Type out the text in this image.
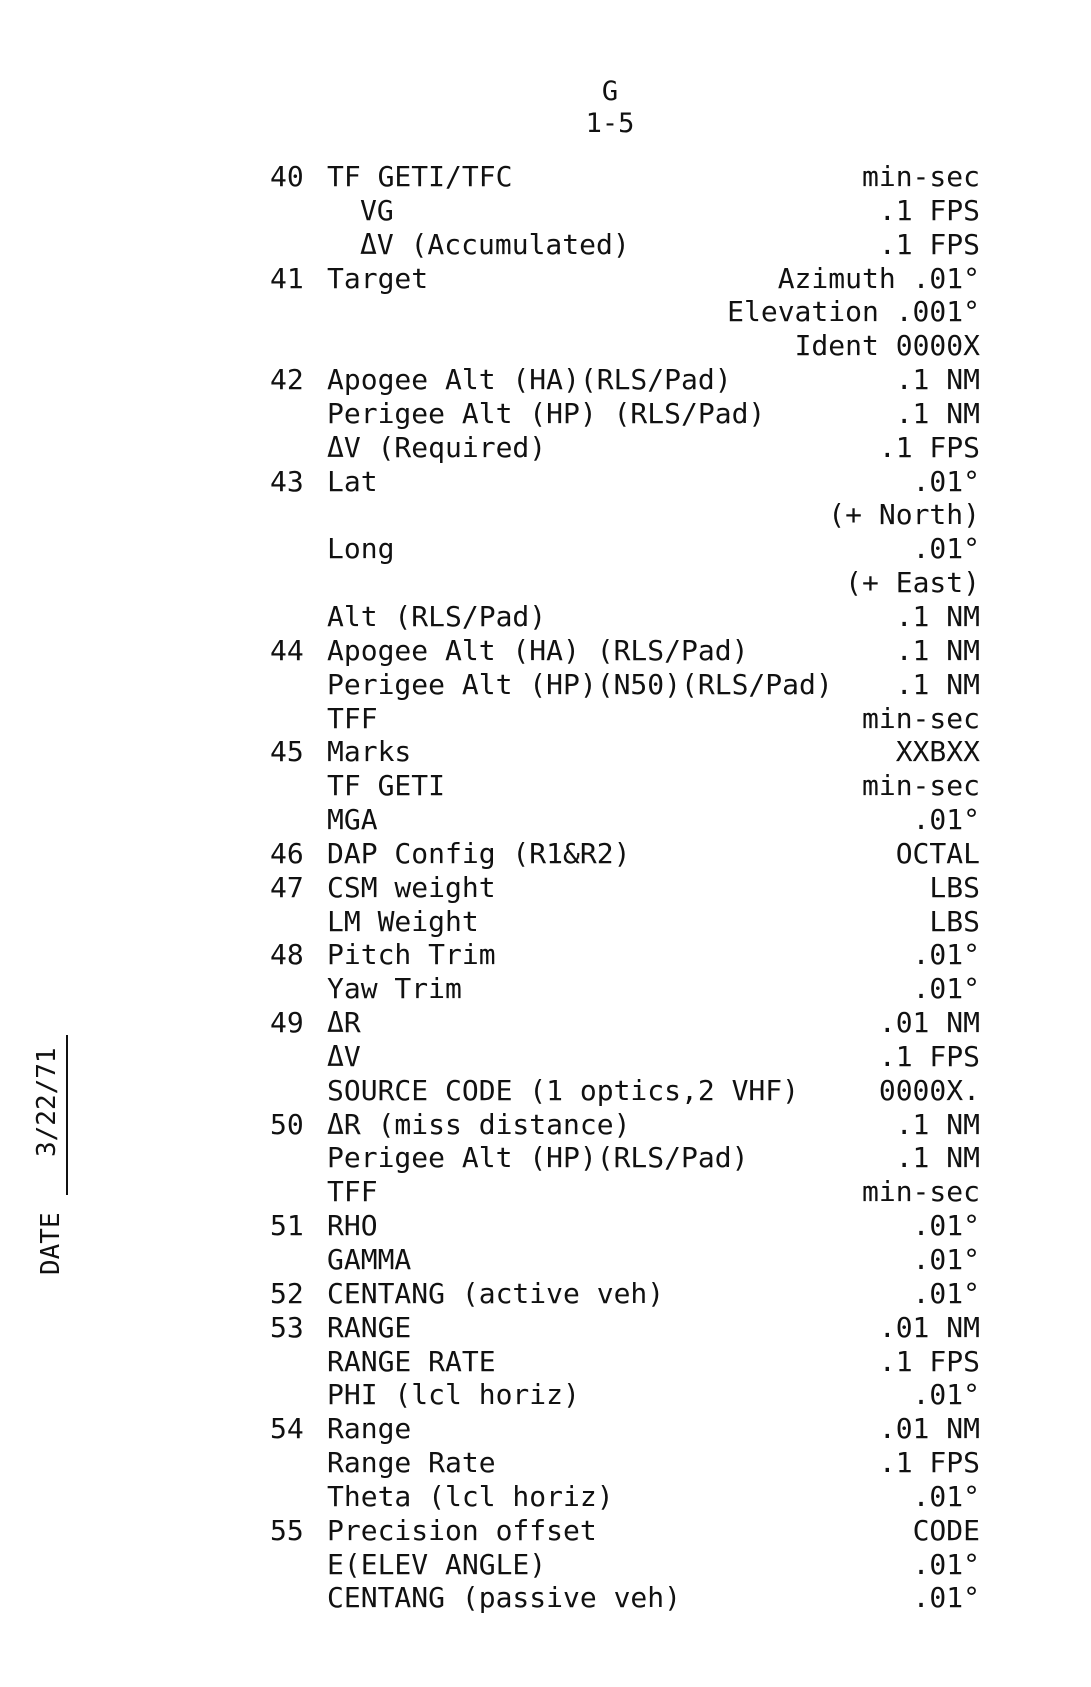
G
1-5
40 TF GETI/TFC	min-sec
VG	.1 FPS
ΔV (Accumulated)	.1 FPS
41 Target	Azimuth .01°
Elevation .001°
Ident 0000X
42 Apogee Alt (HA)(RLS/Pad)	.1 NM
Perigee Alt (HP) (RLS/Pad)	.1 NM
ΔV (Required)	.1 FPS
43 Lat	.01°
(+ North)
Long	.01°
(+ East)
Alt (RLS/Pad)	.1 NM
44 Apogee Alt (HA) (RLS/Pad)	.1 NM
Perigee Alt (HP)(N50)(RLS/Pad) .1 NM
TFF	min-sec
45 Marks	XXBXX
TF GETI	min-sec
MGA	.01°
46 DAP Config (R1&R2)	OCTAL
47 CSM weight	LBS
LM Weight	LBS
48 Pitch Trim	.01°
Yaw Trim	.01°
49 ΔR	.01 NM
ΔV	.1 FPS
SOURCE CODE (1 optics,2 VHF)	0000X.
50 ΔR (miss distance)	.1 NM
Perigee Alt (HP)(RLS/Pad)	.1 NM
TFF	min-sec
51 RHO	.01°
GAMMA	.01°
52 CENTANG (active veh)	.01°
53 RANGE	.01 NM
RANGE RATE	.1 FPS
PHI (lcl horiz)	.01°
54 Range	.01 NM
Range Rate	.1 FPS
Theta (lcl horiz)	.01°
55 Precision offset	CODE
E(ELEV ANGLE)	.01°
CENTANG (passive veh)	.01°
DATE
3/22/71
